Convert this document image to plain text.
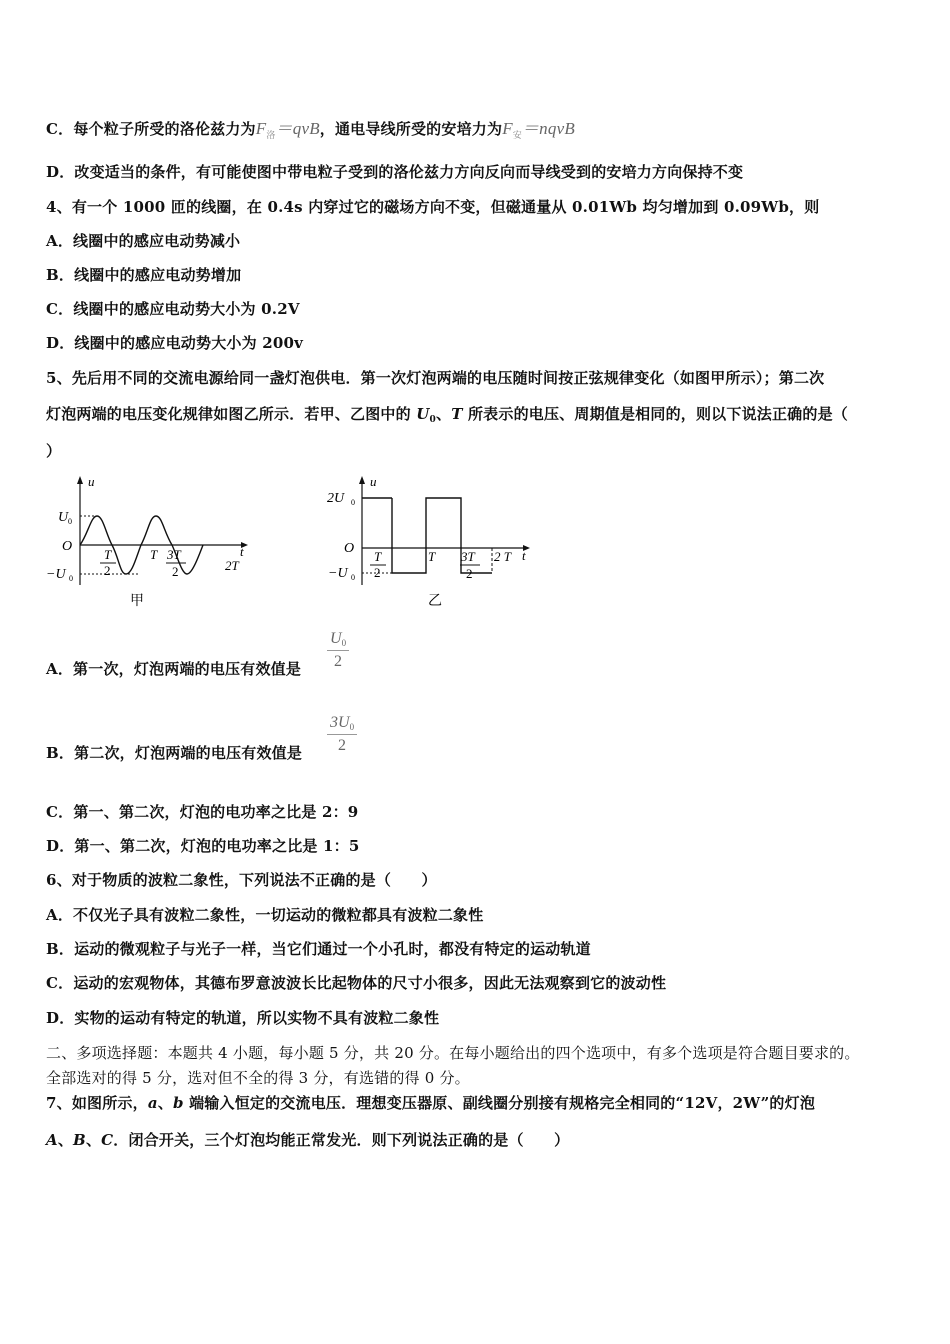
C．每个粒子所受的洛伦兹力为$F_洛=qvB$，通电导线所受的安培力为$F_安=nqvB$
D．改变适当的条件，有可能使图中带电粒子受到的洛伦兹力方向反向而导线受到的安培力方向保持不变
4、有一个 1000 匝的线圈，在 0.4s 内穿过它的磁场方向不变，但磁通量从 0.01Wb 均匀增加到 0.09Wb，则
A．线圈中的感应电动势减小
B．线圈中的感应电动势增加
C．线圈中的感应电动势大小为 0.2V
D．线圈中的感应电动势大小为 200v
5、先后用不同的交流电源给同一盏灯泡供电．第一次灯泡两端的电压随时间按正弦规律变化（如图甲所示）；第二次
灯泡两端的电压变化规律如图乙所示．若甲、乙图中的 $U_0$、T 所表示的电压、周期值是相同的，则以下说法正确的是（
）
u
t
U 0
O
−U 0
T
2
T 3T
2	2T
甲
u
t
2U 0
O
−U 0
T
2
T 3T
2
2 T
乙
A．第一次，灯泡两端的电压有效值是 $\frac{U0}{2}$
B．第二次，灯泡两端的电压有效值是 $\frac{3U0}{2}$
C．第一、第二次，灯泡的电功率之比是 2：9
D．第一、第二次，灯泡的电功率之比是 1：5
6、对于物质的波粒二象性，下列说法不正确的是（　　）
A．不仅光子具有波粒二象性，一切运动的微粒都具有波粒二象性
B．运动的微观粒子与光子一样，当它们通过一个小孔时，都没有特定的运动轨道
C．运动的宏观物体，其德布罗意波波长比起物体的尺寸小很多，因此无法观察到它的波动性
D．实物的运动有特定的轨道，所以实物不具有波粒二象性
二、多项选择题：本题共 4 小题，每小题 5 分，共 20 分。在每小题给出的四个选项中，有多个选项是符合题目要求的。
全部选对的得 5 分，选对但不全的得 3 分，有选错的得 0 分。
7、如图所示，a、b 端输入恒定的交流电压．理想变压器原、副线圈分别接有规格完全相同的“12V，2W”的灯泡
A、B、C．闭合开关，三个灯泡均能正常发光．则下列说法正确的是（　　）
